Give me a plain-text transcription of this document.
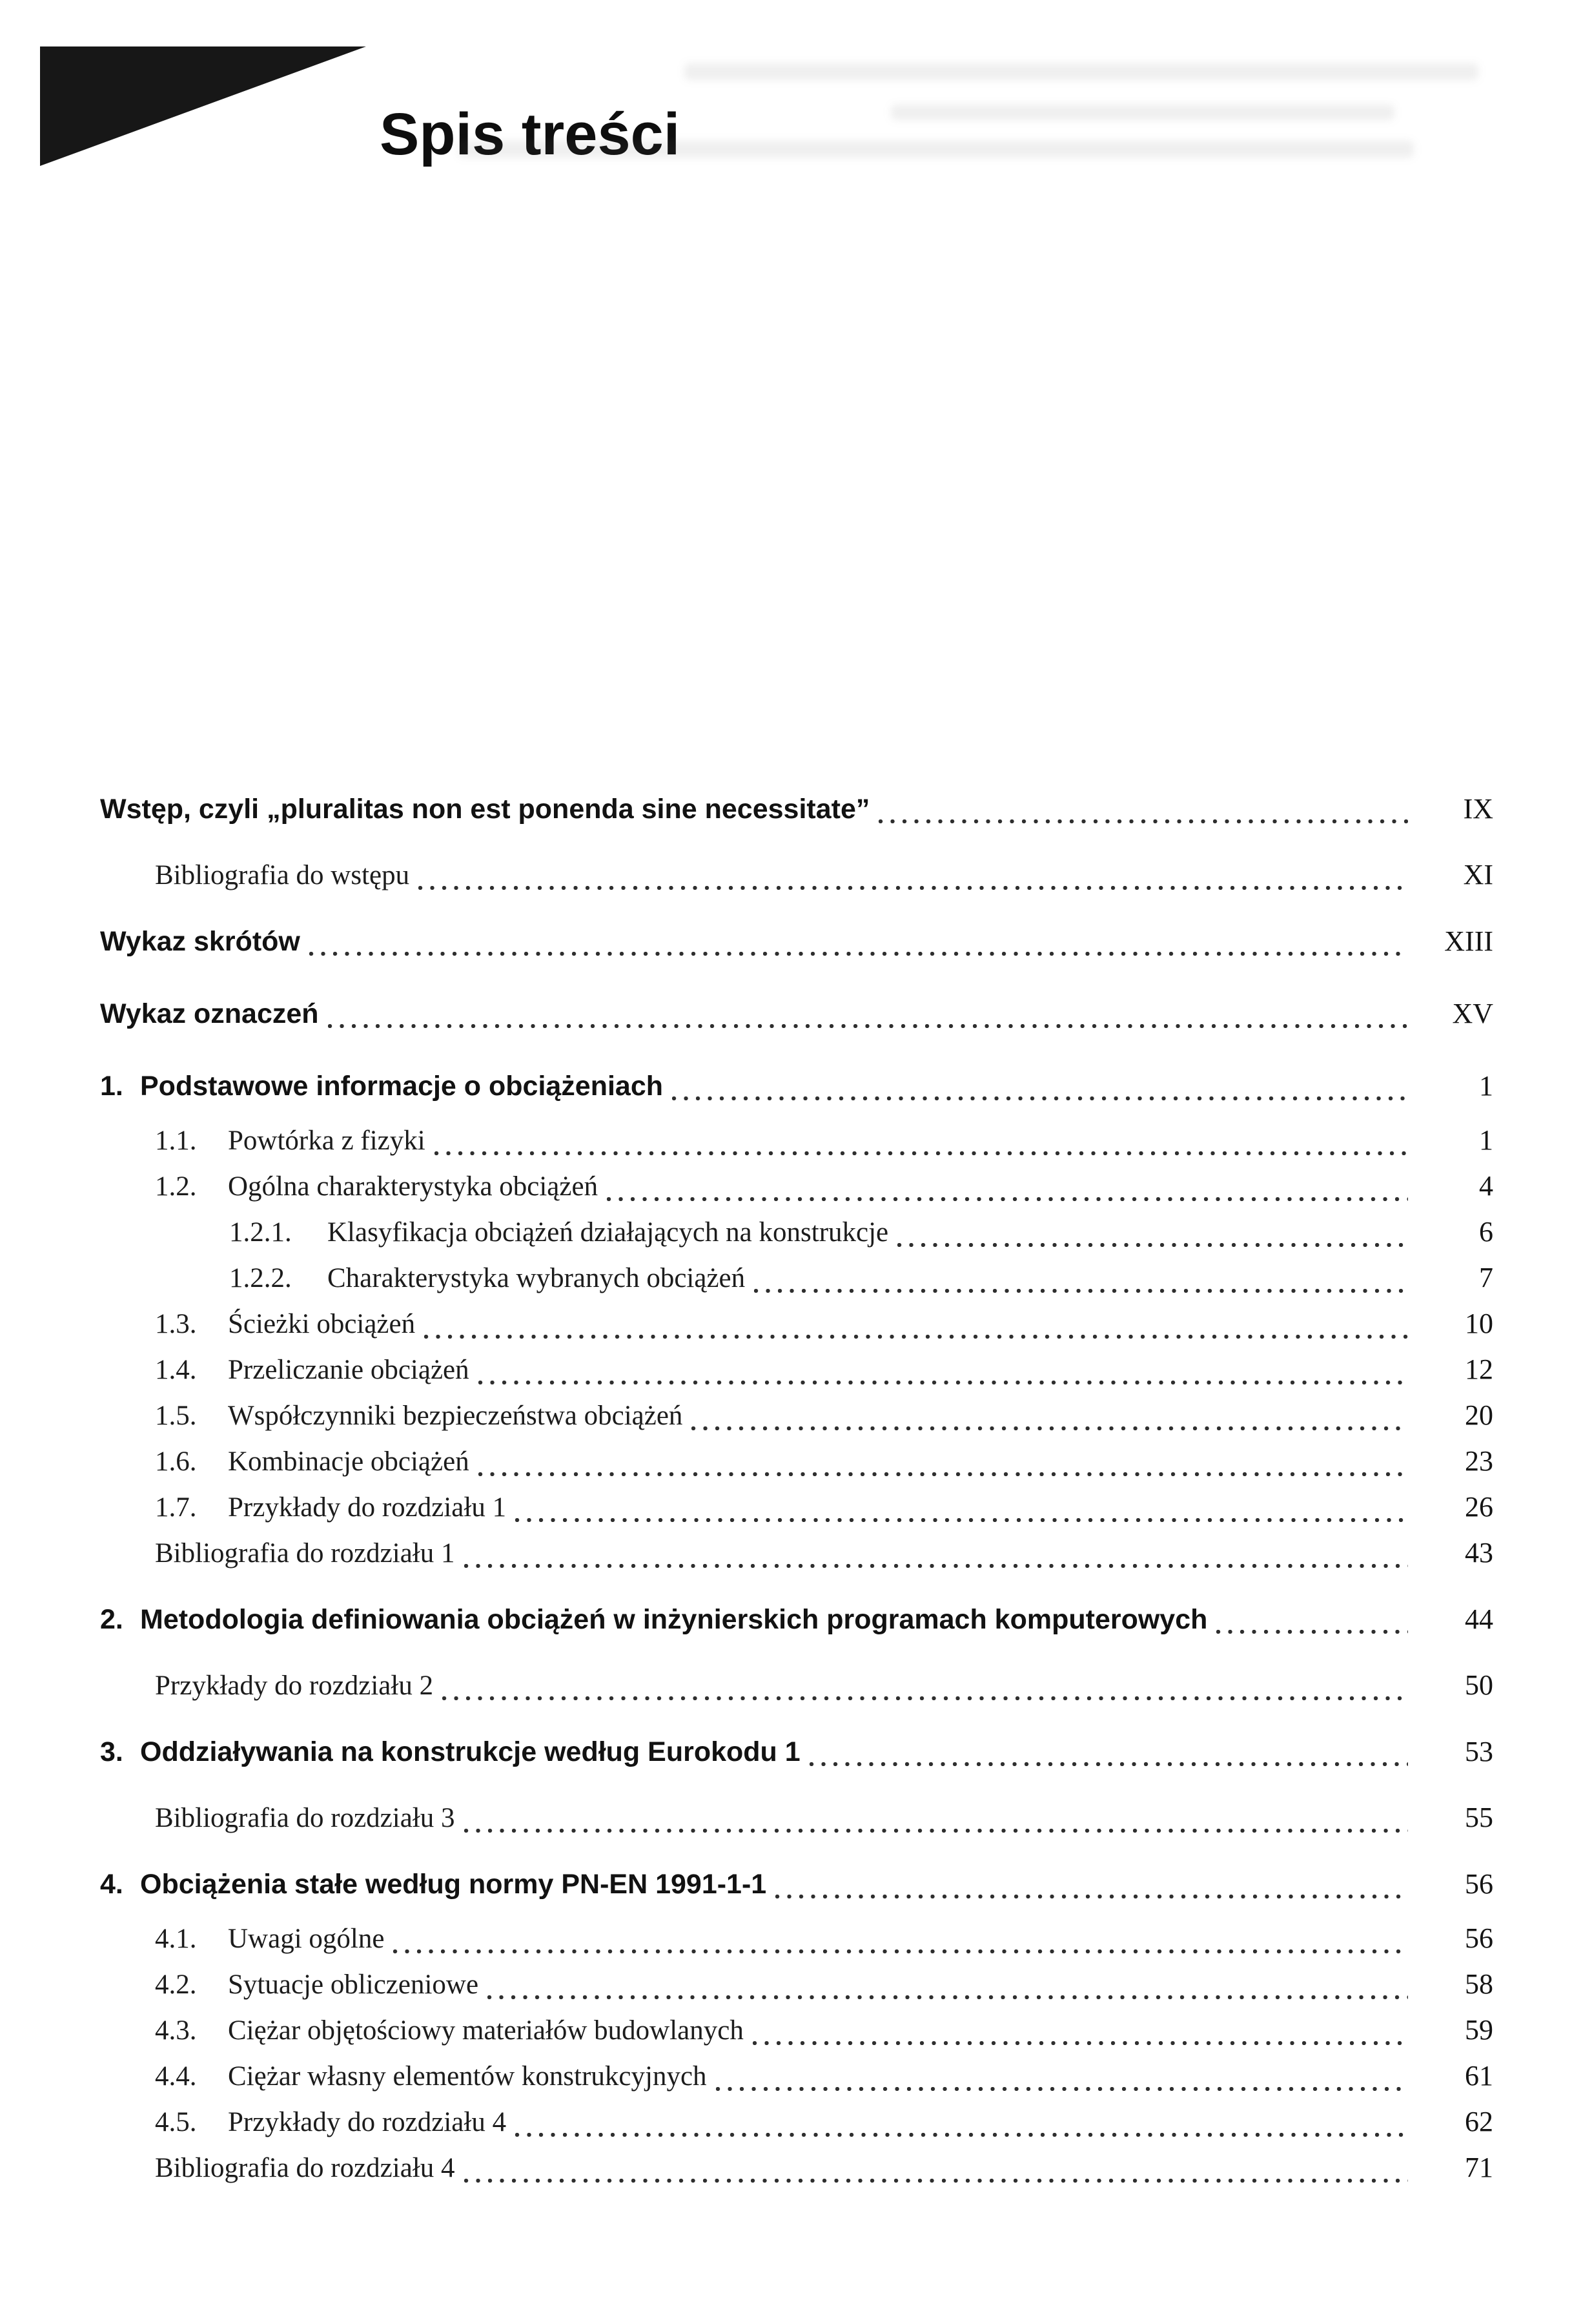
Spis treści
Wstęp, czyli „pluralitas non est ponenda sine necessitate”	IX
Bibliografia do wstępu	XI
Wykaz skrótów	XIII
Wykaz oznaczeń	XV
1. Podstawowe informacje o obciążeniach	1
1.1.	Powtórka z fizyki	1
1.2.	Ogólna charakterystyka obciążeń	4
1.2.1.	Klasyfikacja obciążeń działających na konstrukcje	6
1.2.2.	Charakterystyka wybranych obciążeń	7
1.3.	Ścieżki obciążeń	10
1.4.	Przeliczanie obciążeń	12
1.5.	Współczynniki bezpieczeństwa obciążeń	20
1.6.	Kombinacje obciążeń	23
1.7.	Przykłady do rozdziału 1	26
Bibliografia do rozdziału 1	43
2. Metodologia definiowania obciążeń w inżynierskich programach komputerowych	44
Przykłady do rozdziału 2	50
3. Oddziaływania na konstrukcje według Eurokodu 1	53
Bibliografia do rozdziału 3	55
4. Obciążenia stałe według normy PN-EN 1991-1-1	56
4.1.	Uwagi ogólne	56
4.2.	Sytuacje obliczeniowe	58
4.3.	Ciężar objętościowy materiałów budowlanych	59
4.4.	Ciężar własny elementów konstrukcyjnych	61
4.5.	Przykłady do rozdziału 4	62
Bibliografia do rozdziału 4	71
